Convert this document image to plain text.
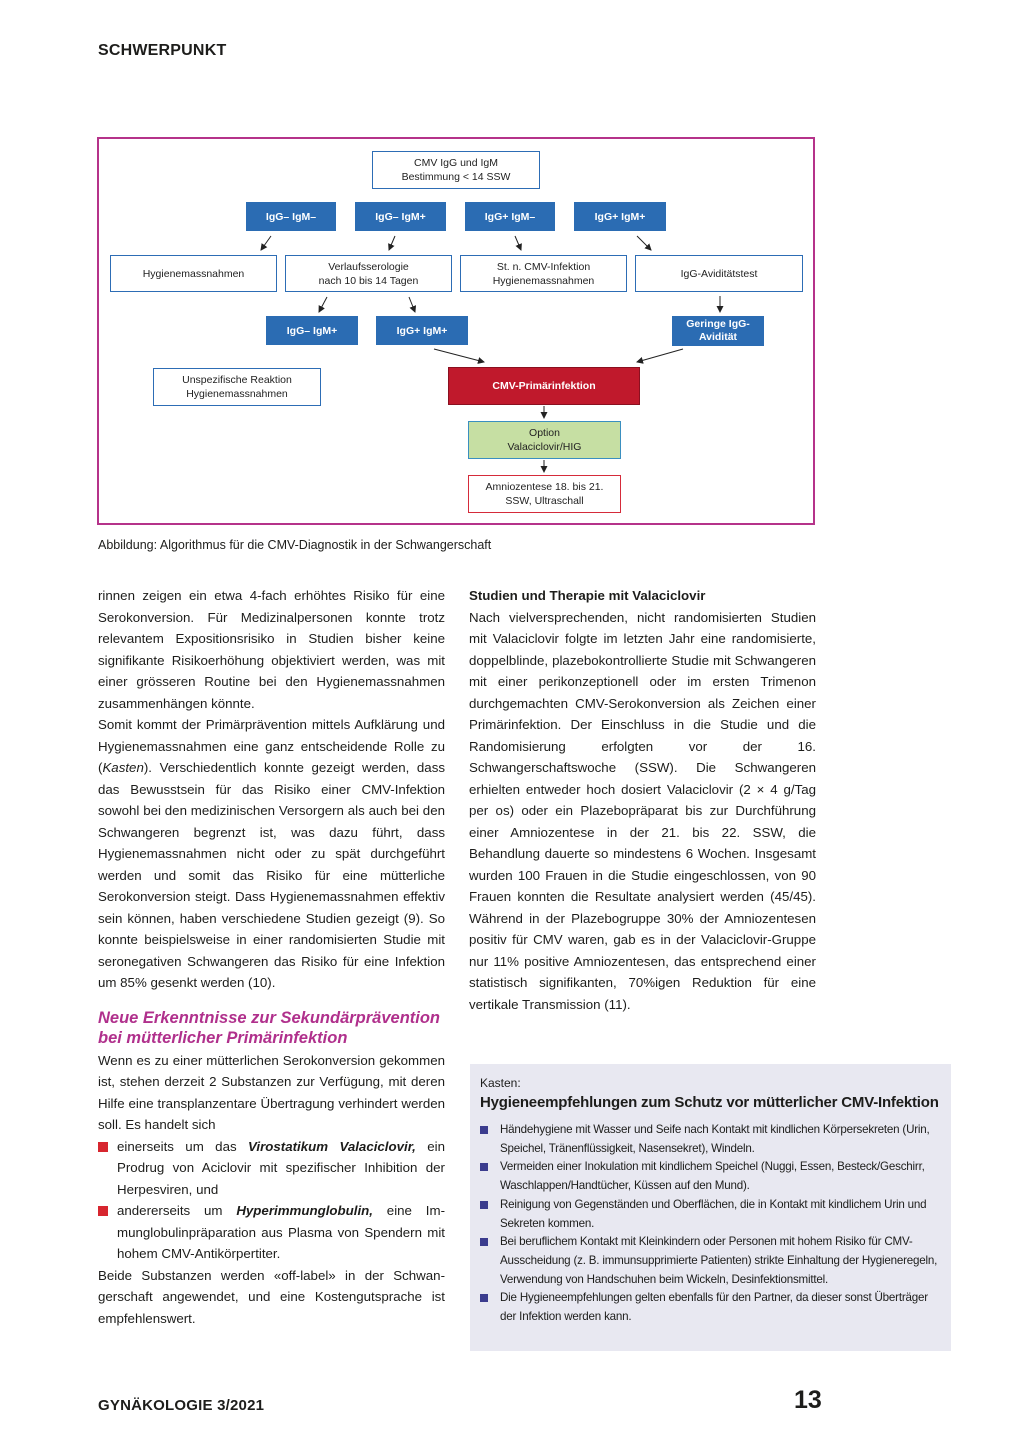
SCHWERPUNKT
CMV IgG und IgM
Bestimmung < 14 SSW
IgG– IgM–	IgG– IgM+	IgG+ IgM–	IgG+ IgM+
Hygienemassnahmen
Verlaufsserologie
nach 10 bis 14 Tagen
St. n. CMV-Infektion
Hygienemassnahmen
IgG-Aviditätstest
IgG– IgM+	IgG+ IgM+
Geringe IgG-
Avidität
Unspezifische Reaktion
Hygienemassnahmen
CMV-Primärinfektion
Option
Valaciclovir/HIG
Amniozentese 18. bis 21.
SSW, Ultraschall
Abbildung: Algorithmus für die CMV-Diagnostik in der Schwangerschaft

rinnen zeigen ein etwa 4-fach erhöhtes Risiko für eine Serokonversion. Für Medizinalpersonen konnte trotz relevantem Expositionsrisiko in Studien bisher keine signifikante Risikoerhöhung objektiviert werden, was mit einer grösseren Routine bei den Hygienemassnahmen zusammenhängen könnte.

Somit kommt der Primärprävention mittels Aufklärung und Hygienemassnahmen eine ganz entscheidende Rolle zu (Kasten). Verschiedentlich konnte gezeigt werden, dass das Bewusstsein für das Risiko einer CMV-Infektion sowohl bei den medizinischen Versorgern als auch bei den Schwangeren begrenzt ist, was dazu führt, dass Hygienemassnahmen nicht oder zu spät durchgeführt werden und somit das Risiko für eine mütterliche Serokonversion steigt. Dass Hygienemassnahmen effektiv sein können, haben verschiedene Studien gezeigt (9). So konnte beispielsweise in einer randomisierten Studie mit seronegativen Schwangeren das Risiko für eine Infektion um 85% gesenkt werden (10).

Neue Erkenntnisse zur Sekundärprävention bei mütterlicher Primärinfektion

Wenn es zu einer mütterlichen Serokonversion gekommen ist, stehen derzeit 2 Substanzen zur Verfügung, mit deren Hilfe eine transplanzentare Übertragung verhindert werden soll. Es handelt sich

einerseits um das Virostatikum Valaciclovir, ein Prodrug von Aciclovir mit spezifischer Inhibition der Herpesviren, und
andererseits um Hyperimmunglobulin, eine Immunglobulinpräparation aus Plasma von Spendern mit hohem CMV-Antikörpertiter.

Beide Substanzen werden «off-label» in der Schwangerschaft angewendet, und eine Kostengutsprache ist empfehlenswert.

Studien und Therapie mit Valaciclovir

Nach vielversprechenden, nicht randomisierten Studien mit Valaciclovir folgte im letzten Jahr eine randomisierte, doppelblinde, plazebokontrollierte Studie mit Schwangeren mit einer perikonzeptionell oder im ersten Trimenon durchgemachten CMV-Serokonversion als Zeichen einer Primärinfektion. Der Einschluss in die Studie und die Randomisierung erfolgten vor der 16. Schwangerschaftswoche (SSW). Die Schwangeren erhielten entweder hoch dosiert Valaciclovir (2 × 4 g/Tag per os) oder ein Plazebopräparat bis zur Durchführung einer Amniozentese in der 21. bis 22. SSW, die Behandlung dauerte so mindestens 6 Wochen. Insgesamt wurden 100 Frauen in die Studie eingeschlossen, von 90 Frauen konnten die Resultate analysiert werden (45/45). Während in der Plazebogruppe 30% der Amniozentesen positiv für CMV waren, gab es in der Valaciclovir-Gruppe nur 11% positive Amniozentesen, das entsprechend einer statistisch signifikanten, 70%igen Reduktion für eine vertikale Transmission (11).

Kasten:
Hygieneempfehlungen zum Schutz vor mütterlicher CMV-Infektion
Händehygiene mit Wasser und Seife nach Kontakt mit kindlichen Körpersekreten (Urin, Speichel, Tränenflüssigkeit, Nasensekret), Windeln.
Vermeiden einer Inokulation mit kindlichem Speichel (Nuggi, Essen, Besteck/Geschirr, Waschlappen/Handtücher, Küssen auf den Mund).
Reinigung von Gegenständen und Oberflächen, die in Kontakt mit kindlichem Urin und Sekreten kommen.
Bei beruflichem Kontakt mit Kleinkindern oder Personen mit hohem Risiko für CMV-Ausscheidung (z. B. immunsupprimierte Patienten) strikte Einhaltung der Hygieneregeln, Verwendung von Handschuhen beim Wickeln, Desinfektionsmittel.
Die Hygieneempfehlungen gelten ebenfalls für den Partner, da dieser sonst Überträger der Infektion werden kann.
GYNÄKOLOGIE 3/2021	13
